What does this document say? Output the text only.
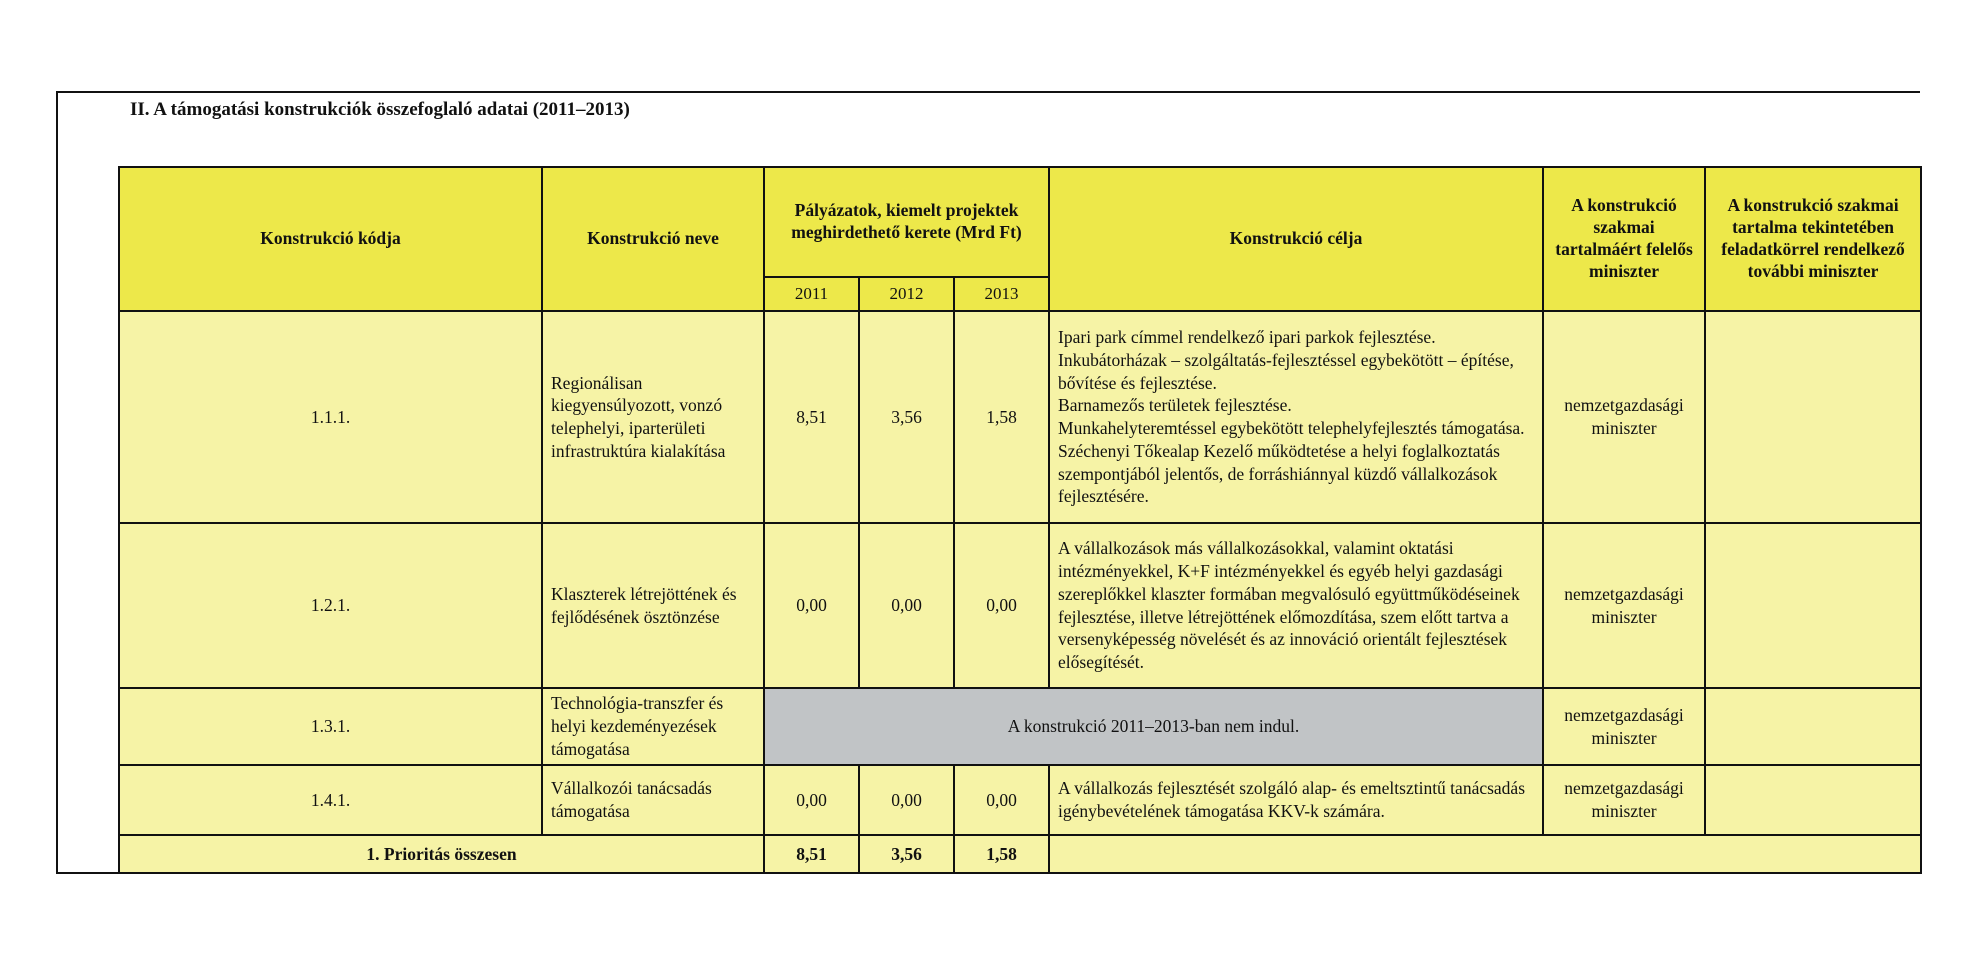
II. A támogatási konstrukciók összefoglaló adatai (2011–2013)
Konstrukció kódja	Konstrukció neve	Pályázatok, kiemelt projektek meghirdethető kerete (Mrd Ft)			Konstrukció célja	A konstrukció szakmai tartalmáért felelős miniszter	A konstrukció szakmai tartalma tekintetében feladatkörrel rendelkező további miniszter
		2011	2012	2013			
1.1.1.	Regionálisan kiegyensúlyozott, vonzó telephelyi, iparterületi infrastruktúra kialakítása	8,51	3,56	1,58	Ipari park címmel rendelkező ipari parkok fejlesztése.
Inkubátorházak – szolgáltatás-fejlesztéssel egybekötött – építése, bővítése és fejlesztése.
Barnamezős területek fejlesztése.
Munkahelyteremtéssel egybekötött telephelyfejlesztés támogatása.
Széchenyi Tőkealap Kezelő működtetése a helyi foglalkoztatás szempontjából jelentős, de forráshiánnyal küzdő vállalkozások fejlesztésére.	nemzetgazdasági miniszter	
1.2.1.	Klaszterek létrejöttének és fejlődésének ösztönzése	0,00	0,00	0,00	A vállalkozások más vállalkozásokkal, valamint oktatási intézményekkel, K+F intézményekkel és egyéb helyi gazdasági szereplőkkel klaszter formában megvalósuló együttműködéseinek fejlesztése, illetve létrejöttének előmozdítása, szem előtt tartva a versenyképesség növelését és az innováció orientált fejlesztések elősegítését.	nemzetgazdasági miniszter	
1.3.1.	Technológia-transzfer és helyi kezdeményezések támogatása	A konstrukció 2011–2013-ban nem indul.				nemzetgazdasági miniszter	
1.4.1.	Vállalkozói tanácsadás támogatása	0,00	0,00	0,00	A vállalkozás fejlesztését szolgáló alap- és emeltsztintű tanácsadás igénybevételének támogatása KKV-k számára.	nemzetgazdasági miniszter	
1. Prioritás összesen		8,51	3,56	1,58			
